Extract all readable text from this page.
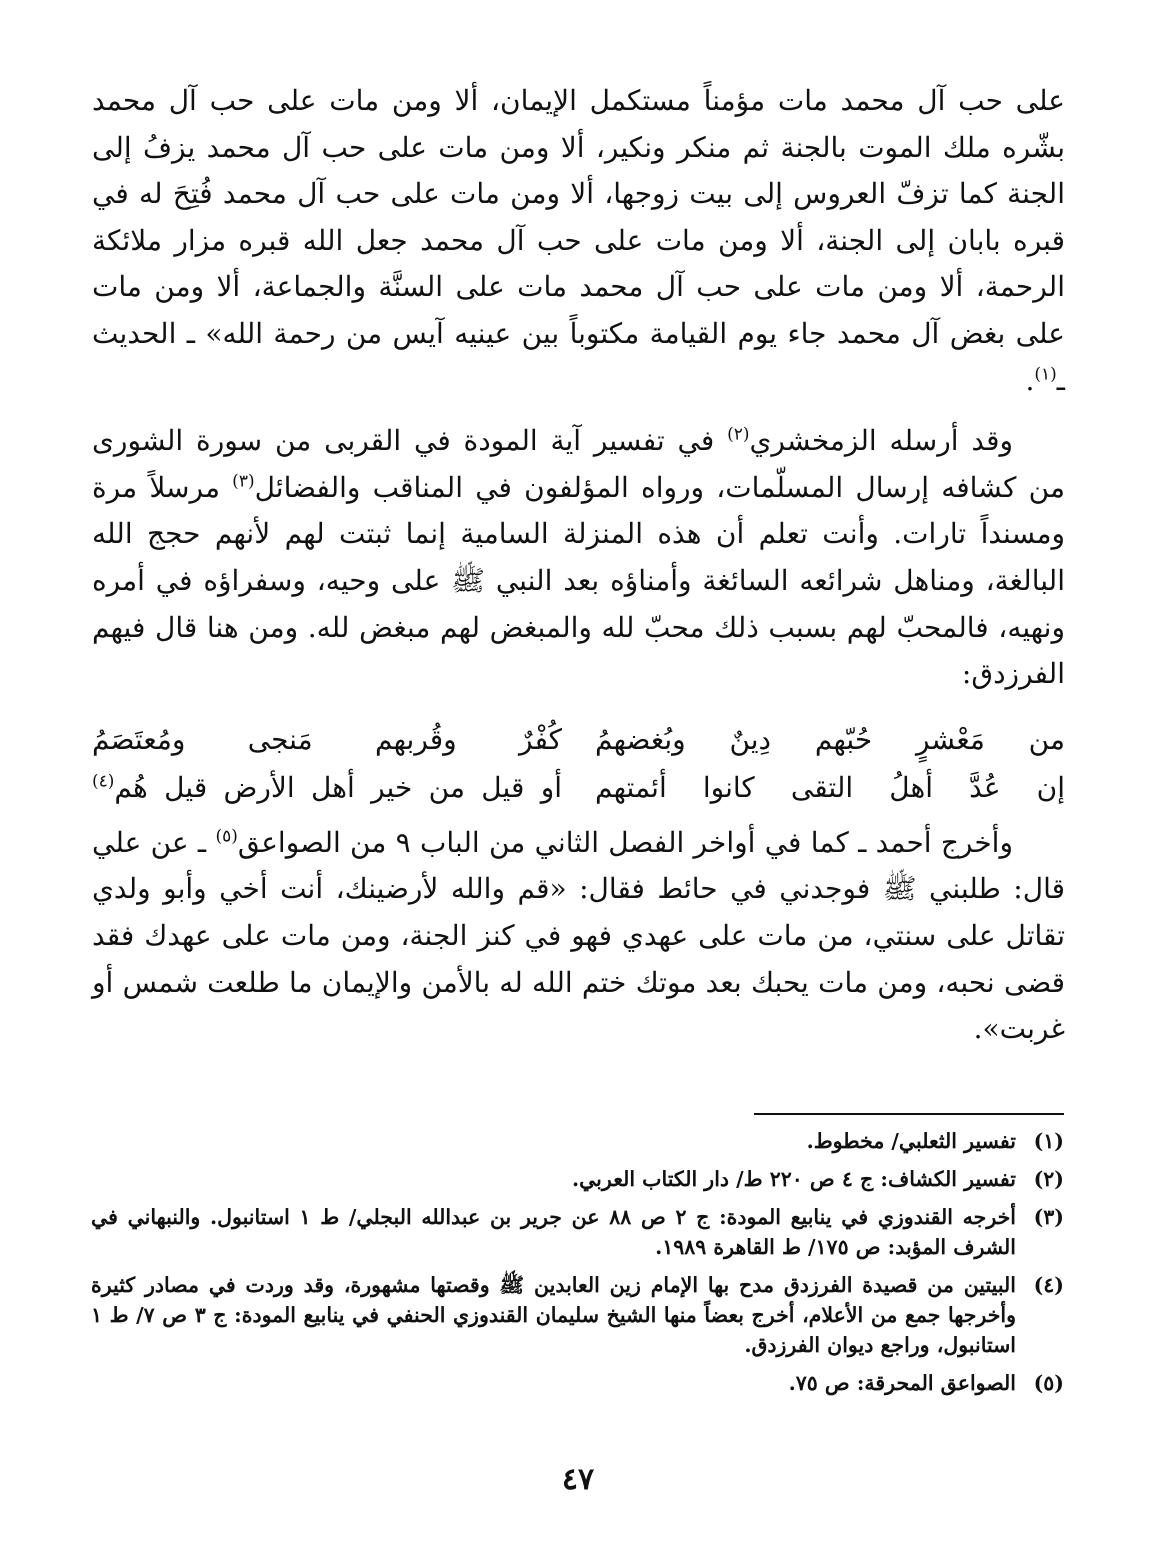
على حب آل محمد مات مؤمناً مستكمل الإيمان، ألا ومن مات على حب آل محمد بشّره ملك الموت بالجنة ثم منكر ونكير، ألا ومن مات على حب آل محمد يزفُ إلى الجنة كما تزفّ العروس إلى بيت زوجها، ألا ومن مات على حب آل محمد فُتِحَ له في قبره بابان إلى الجنة، ألا ومن مات على حب آل محمد جعل الله قبره مزار ملائكة الرحمة، ألا ومن مات على حب آل محمد مات على السنَّة والجماعة، ألا ومن مات على بغض آل محمد جاء يوم القيامة مكتوباً بين عينيه آيس من رحمة الله» ـ الحديث ـ$^{(١)}$.
وقد أرسله الزمخشري$^{(٢)}$ في تفسير آية المودة في القربى من سورة الشورى من كشافه إرسال المسلّمات، ورواه المؤلفون في المناقب والفضائل$^{(٣)}$ مرسلاً مرة ومسنداً تارات. وأنت تعلم أن هذه المنزلة السامية إنما ثبتت لهم لأنهم حجج الله البالغة، ومناهل شرائعه السائغة وأمناؤه بعد النبي ﷺ على وحيه، وسفراؤه في أمره ونهيه، فالمحبّ لهم بسبب ذلك محبّ لله والمبغض لهم مبغض لله. ومن هنا قال فيهم الفرزدق:
من مَعْشرٍ حُبّهم دِينٌ وبُغضهمُ
كُفْرٌ وقُربهم مَنجى ومُعتَصَمُ
إن عُدَّ أهلُ التقى كانوا أئمتهم
أو قيل من خير أهل الأرض قيل هُم$^{(٤)}$
وأخرج أحمد ـ كما في أواخر الفصل الثاني من الباب ٩ من الصواعق$^{(٥)}$ ـ عن علي قال: طلبني ﷺ فوجدني في حائط فقال: «قم والله لأرضينك، أنت أخي وأبو ولدي تقاتل على سنتي، من مات على عهدي فهو في كنز الجنة، ومن مات على عهدك فقد قضى نحبه، ومن مات يحبك بعد موتك ختم الله له بالأمن والإيمان ما طلعت شمس أو غربت».
(١)
تفسير الثعلبي/ مخطوط.
(٢)
تفسير الكشاف: ج ٤ ص ٢٢٠ ط/ دار الكتاب العربي.
(٣)
أخرجه القندوزي في ينابيع المودة: ج ٢ ص ٨٨ عن جرير بن عبدالله البجلي/ ط ١ استانبول. والنبهاني في الشرف المؤبد: ص ١٧٥/ ط القاهرة ١٩٨٩.
(٤)
البيتين من قصيدة الفرزدق مدح بها الإمام زين العابدين ﷺ وقصتها مشهورة، وقد وردت في مصادر كثيرة وأخرجها جمع من الأعلام، أخرج بعضاً منها الشيخ سليمان القندوزي الحنفي في ينابيع المودة: ج ٣ ص ٧/ ط ١ استانبول، وراجع ديوان الفرزدق.
(٥)
الصواعق المحرقة: ص ٧٥.
٤٧
